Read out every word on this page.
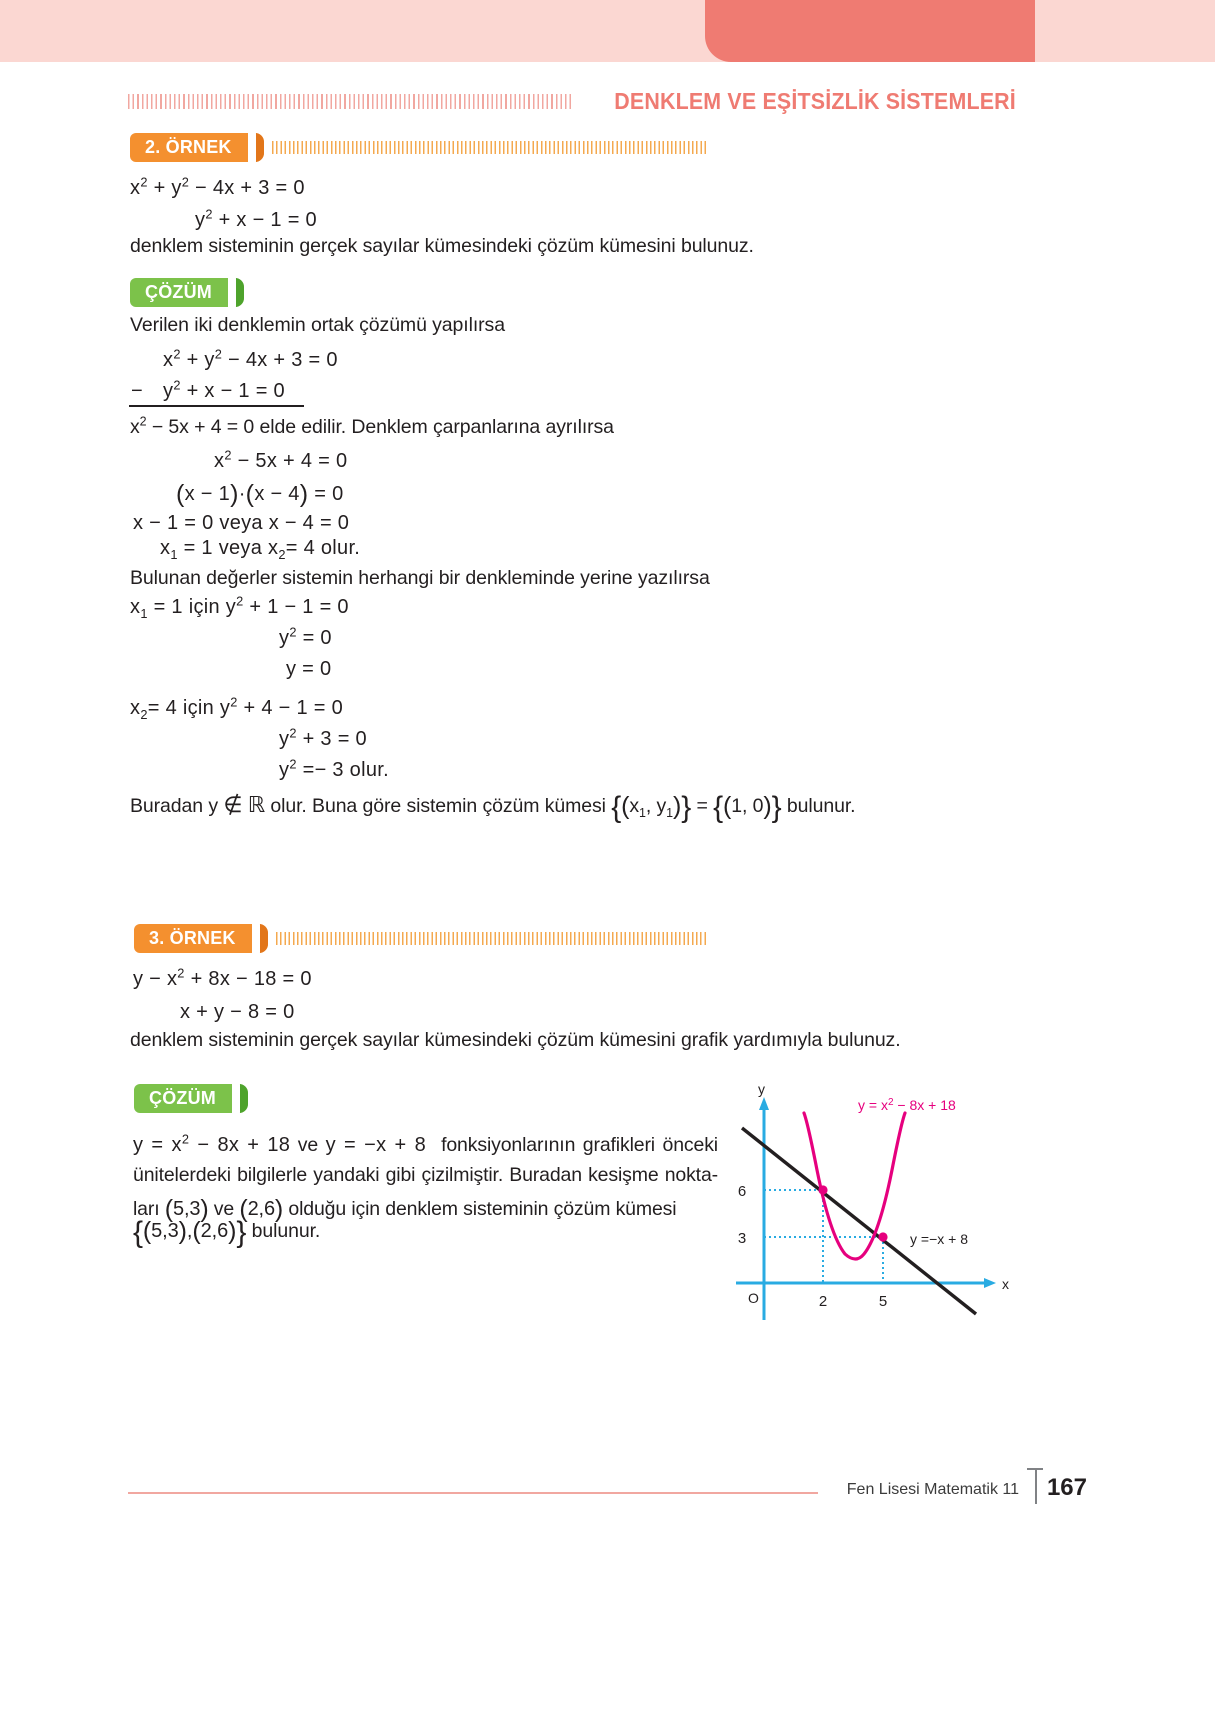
DENKLEM VE EŞİTSİZLİK SİSTEMLERİ
2. ÖRNEK
$x^2 + y^2 - 4x + 3 = 0$
$y^2 + x - 1 = 0$
denklem sisteminin gerçek sayılar kümesindeki çözüm kümesini bulunuz.
ÇÖZÜM
Verilen iki denklemin ortak çözümü yapılırsa
$x^2 + y^2 - 4x + 3 = 0$
− $y^2 + x - 1 = 0$
$x^2 - 5x + 4 = 0$ elde edilir. Denklem çarpanlarına ayrılırsa
$x^2 - 5x + 4 = 0$
(x − 1)·(x − 4) = 0
x − 1 = 0 veya x − 4 = 0
$x_1 = 1$ veya $x_2= 4$ olur.
Bulunan değerler sistemin herhangi bir denkleminde yerine yazılırsa
$x_1 = 1$ için $y^2 + 1 - 1 = 0$
$y^2 = 0$
y = 0
$x_2= 4$ için $y^2 + 4 - 1 = 0$
$y^2 + 3 = 0$
$y^2 =- 3$ olur.
Buradan y ∉ ℝ olur. Buna göre sistemin çözüm kümesi {($x_1$, $y_1)\} = \{(1$, 0)} bulunur.
3. ÖRNEK
$y - x^2 + 8x - 18 = 0$
x + y − 8 = 0
denklem sisteminin gerçek sayılar kümesindeki çözüm kümesini grafik yardımıyla bulunuz.
ÇÖZÜM
$y = x^2 - 8x + 18$ ve y = −x + 8 fonksiyonlarının grafikleri önceki ünitelerdeki bilgilerle yandaki gibi çizilmiştir. Buradan kesişme nokta- ları (5,3) ve (2,6) olduğu için denklem sisteminin çözüm kümesi
{(5,3),(2,6)} bulunur.
y
x
O
6
3
2	5
$y = x^2 - 8x + 18$
y =−x + 8
Fen Lisesi Matematik 11 167
